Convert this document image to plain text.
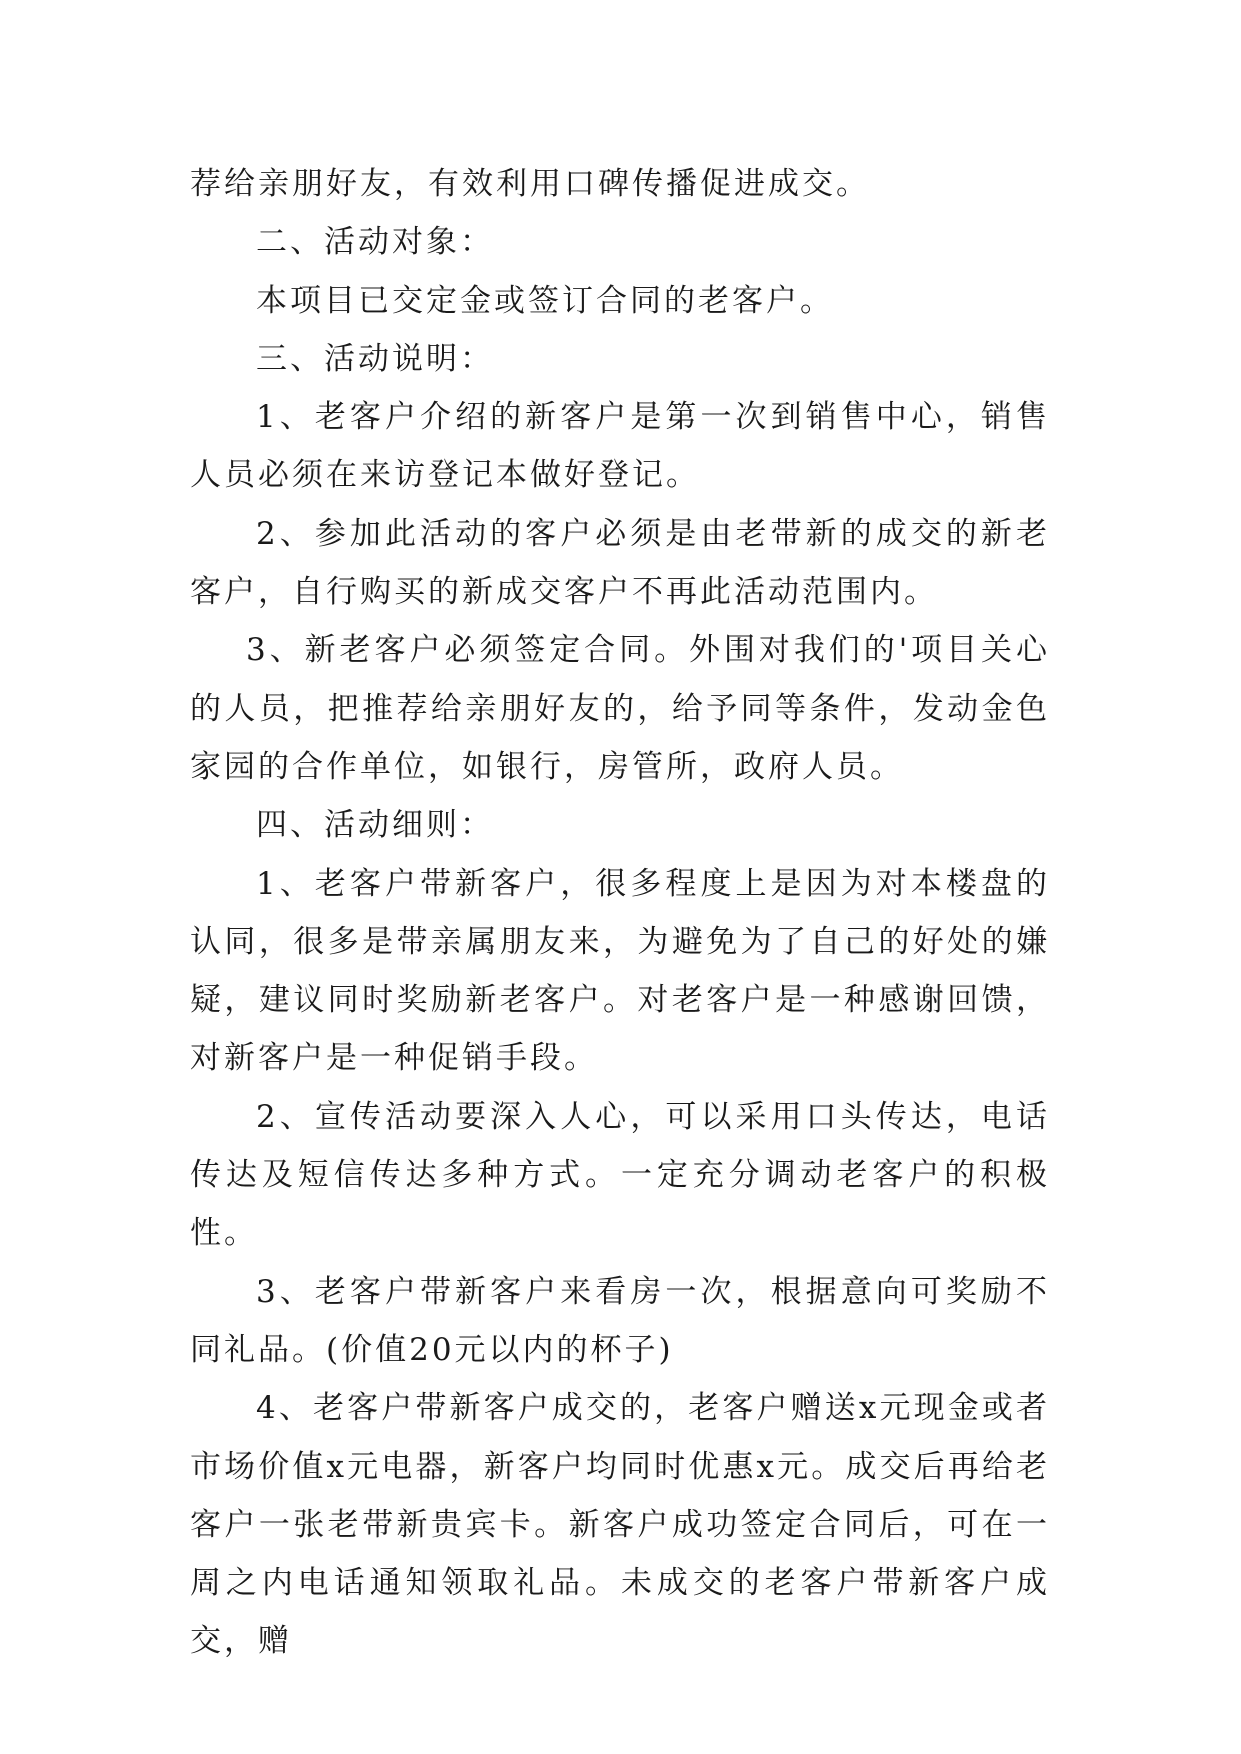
荐给亲朋好友，有效利用口碑传播促进成交。

二、活动对象：

本项目已交定金或签订合同的老客户。

三、活动说明：

1、老客户介绍的新客户是第一次到销售中心，销售人员必须在来访登记本做好登记。

2、参加此活动的客户必须是由老带新的成交的新老客户，自行购买的新成交客户不再此活动范围内。

3、新老客户必须签定合同。外围对我们的'项目关心的人员，把推荐给亲朋好友的，给予同等条件，发动金色家园的合作单位，如银行，房管所，政府人员。

四、活动细则：

1、老客户带新客户，很多程度上是因为对本楼盘的认同，很多是带亲属朋友来，为避免为了自己的好处的嫌疑，建议同时奖励新老客户。对老客户是一种感谢回馈，对新客户是一种促销手段。

2、宣传活动要深入人心，可以采用口头传达，电话传达及短信传达多种方式。一定充分调动老客户的积极性。

3、老客户带新客户来看房一次，根据意向可奖励不同礼品。(价值20元以内的杯子)

4、老客户带新客户成交的，老客户赠送x元现金或者市场价值x元电器，新客户均同时优惠x元。成交后再给老客户一张老带新贵宾卡。新客户成功签定合同后，可在一周之内电话通知领取礼品。未成交的老客户带新客户成交，赠
